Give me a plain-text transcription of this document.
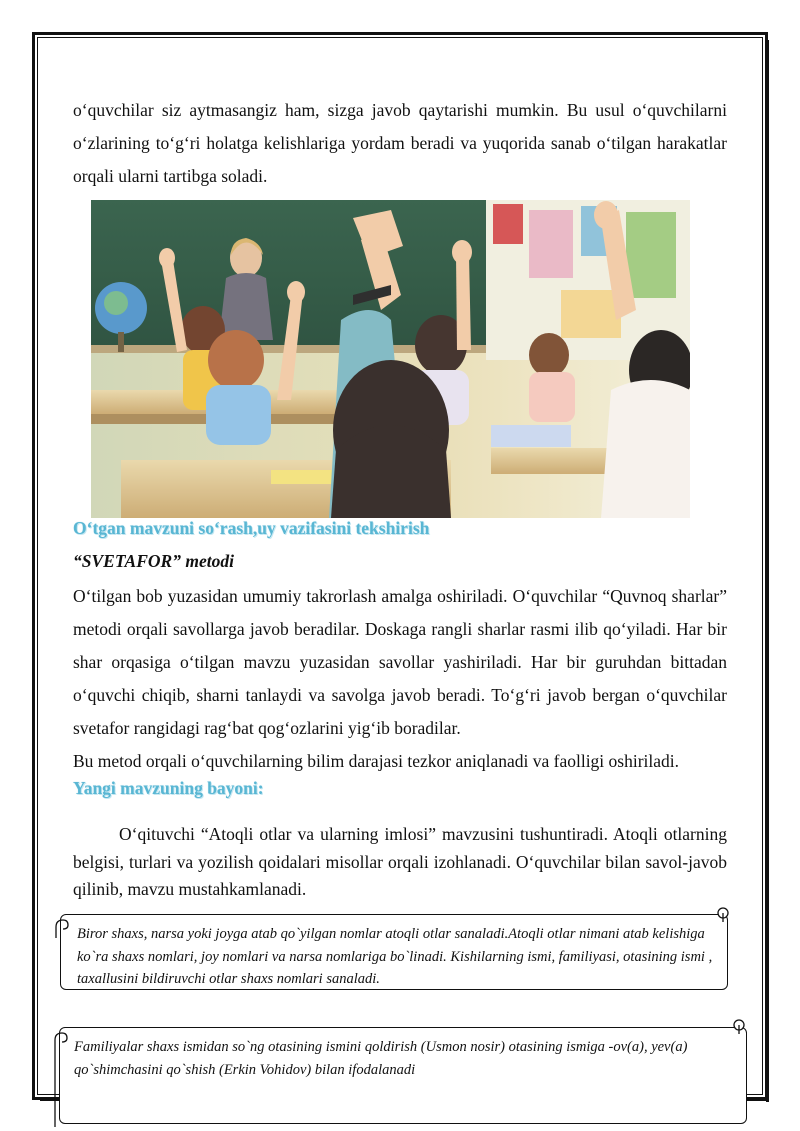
o‘quvchilar siz aytmasangiz ham, sizga javob qaytarishi mumkin. Bu usul o‘quvchilarni o‘zlarining to‘g‘ri holatga kelishlariga yordam beradi va yuqorida sanab o‘tilgan harakatlar orqali ularni tartibga soladi.

O‘tgan mavzuni so‘rash,uy vazifasini tekshirish
“SVETAFOR” metodi

O‘tilgan bob yuzasidan umumiy takrorlash amalga oshiriladi. O‘quvchilar “Quvnoq sharlar” metodi orqali savollarga javob beradilar. Doskaga rangli sharlar rasmi ilib qo‘yiladi. Har bir shar orqasiga o‘tilgan mavzu yuzasidan savollar yashiriladi. Har bir guruhdan bittadan o‘quvchi chiqib, sharni tanlaydi va savolga javob beradi. To‘g‘ri javob bergan o‘quvchilar svetafor rangidagi rag‘bat qog‘ozlarini yig‘ib boradilar.

Bu metod orqali o‘quvchilarning bilim darajasi tezkor aniqlanadi va faolligi oshiriladi.

Yangi mavzuning bayoni:

O‘qituvchi “Atoqli otlar va ularning imlosi” mavzusini tushuntiradi. Atoqli otlarning belgisi, turlari va yozilish qoidalari misollar orqali izohlanadi. O‘quvchilar bilan savol-javob qilinib, mavzu mustahkamlanadi.

Biror shaxs, narsa yoki joyga atab qo`yilgan nomlar atoqli otlar sanaladi.Atoqli otlar nimani atab kelishiga ko`ra shaxs nomlari, joy nomlari va narsa nomlariga bo`linadi. Kishilarning ismi, familiyasi, otasining ismi , taxallusini bildiruvchi otlar shaxs nomlari sanaladi.
Familiyalar shaxs ismidan so`ng otasining ismini qoldirish (Usmon nosir) otasining ismiga -ov(a), yev(a) qo`shimchasini qo`shish (Erkin Vohidov) bilan ifodalanadi
